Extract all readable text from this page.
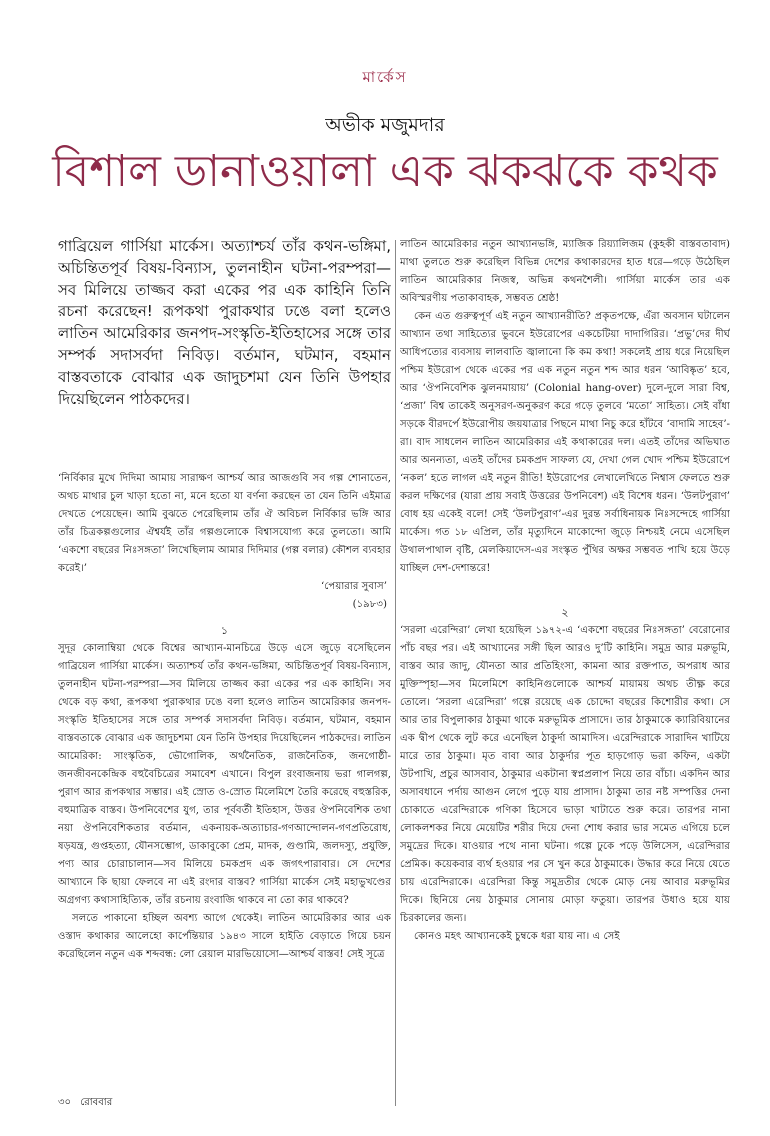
মার্কেস
অভীক মজুমদার
বিশাল ডানাওয়ালা এক ঝকঝকে কথক

গাব্রিয়েল গার্সিয়া মার্কেস। অত্যাশ্চর্য তাঁর কথন-ভঙ্গিমা, অচিন্তিতপূর্ব বিষয়-বিন্যাস, তুলনাহীন ঘটনা-পরম্পরা—সব মিলিয়ে তাজ্জব করা একের পর এক কাহিনি তিনি রচনা করেছেন! রূপকথা পুরাকথার ঢঙে বলা হলেও লাতিন আমেরিকার জনপদ-সংস্কৃতি-ইতিহাসের সঙ্গে তার সম্পর্ক সদাসর্বদা নিবিড়। বর্তমান, ঘটমান, বহমান বাস্তবতাকে বোঝার এক জাদুচশমা যেন তিনি উপহার দিয়েছিলেন পাঠকদের।

‘নির্বিকার মুখে দিদিমা আমায় সারাক্ষণ আশ্চর্য আর আজগুবি সব গল্প শোনাতেন, অথচ মাথার চুল খাড়া হতো না, মনে হতো যা বর্ণনা করছেন তা যেন তিনি এইমাত্র দেখতে পেয়েছেন। আমি বুঝতে পেরেছিলাম তাঁর ঐ অবিচল নির্বিকার ভঙ্গি আর তাঁর চিত্রকল্পগুলোর ঐশ্বর্যই তাঁর গল্পগুলোকে বিশ্বাসযোগ্য করে তুলতো। আমি ‘একশো বছরের নিঃসঙ্গতা’ লিখেছিলাম আমার দিদিমার (গল্প বলার) কৌশল ব্যবহার করেই।’

‘পেয়ারার সুবাস’
(১৯৮৩)
১

সুদূর কোলাম্বিয়া থেকে বিশ্বের আখ্যান-মানচিত্রে উড়ে এসে জুড়ে বসেছিলেন গাব্রিয়েল গার্সিয়া মার্কেস। অত্যাশ্চর্য তাঁর কথন-ভঙ্গিমা, অচিন্তিতপূর্ব বিষয়-বিন্যাস, তুলনাহীন ঘটনা-পরম্পরা—সব মিলিয়ে তাজ্জব করা একের পর এক কাহিনি। সব থেকে বড় কথা, রূপকথা পুরাকথার ঢঙে বলা হলেও লাতিন আমেরিকার জনপদ-সংস্কৃতি ইতিহাসের সঙ্গে তার সম্পর্ক সদাসর্বদা নিবিড়। বর্তমান, ঘটমান, বহমান বাস্তবতাকে বোঝার এক জাদুচশমা যেন তিনি উপহার দিয়েছিলেন পাঠকদের। লাতিন আমেরিকা: সাংস্কৃতিক, ভৌগোলিক, অর্থনৈতিক, রাজনৈতিক, জনগোষ্ঠী-জনজীবনকেন্দ্রিক বহুবৈচিত্রের সমাবেশ এখানে। বিপুল রংবাজনায় ভরা গালগল্প, পুরাণ আর রূপকথার সম্ভার। এই স্রোত ও-স্রোত মিলেমিশে তৈরি করেছে বহুস্তরিক, বহুমাত্রিক বাস্তব। উপনিবেশের যুগ, তার পূর্ববর্তী ইতিহাস, উত্তর ঔপনিবেশিক তথা নয়া ঔপনিবেশিকতার বর্তমান, একনায়ক-অত্যাচার-গণআন্দোলন-গণপ্রতিরোধ, ষড়যন্ত্র, গুপ্তহত্যা, যৌনসম্ভোগ, ডাকাবুকো প্রেম, মাদক, গুণ্ডামি, জলদস্যু, প্রযুক্তি, পণ্য আর চোরাচালান—সব মিলিয়ে চমকপ্রদ এক জগৎপারাবার। সে দেশের আখ্যানে কি ছায়া ফেলবে না এই রংদার বাস্তব? গার্সিয়া মার্কেস সেই মহাভুখণ্ডের অগ্রগণ্য কথাসাহিত্যিক, তাঁর রচনায় রংবাজি থাকবে না তো কার থাকবে?

সলতে পাকানো হচ্ছিল অবশ্য আগে থেকেই। লাতিন আমেরিকার আর এক ওস্তাদ কথাকার আলেহো কার্পেন্তিয়ার ১৯৪৩ সালে হাইতি বেড়াতে গিয়ে চয়ন করেছিলেন নতুন এক শব্দবন্ধ: লো রেয়াল মারভিয়োসো—আশ্চর্য বাস্তব! সেই সূত্রে

লাতিন আমেরিকার নতুন আখ্যানভঙ্গি, ম্যাজিক রিয়্যালিজম (কুহকী বাস্তবতাবাদ) মাথা তুলতে শুরু করেছিল বিভিন্ন দেশের কথাকারদের হাত ধরে—গড়ে উঠেছিল লাতিন আমেরিকার নিজস্ব, অভিন্ন কথনশৈলী। গার্সিয়া মার্কেস তার এক অবিস্মরণীয় পতাকাবাহক, সম্ভবত শ্রেষ্ঠ!

কেন এত গুরুত্বপূর্ণ এই নতুন আখ্যানরীতি? প্রকৃতপক্ষে, এঁরা অবসান ঘটালেন আখ্যান তথা সাহিত্যের ভুবনে ইউরোপের একচেটিয়া দাদাগিরির। ‘প্রভু’দের দীর্ঘ আধিপত্যের ব্যবসায় লালবাতি জ্বালানো কি কম কথা! সকলেই প্রায় ধরে নিয়েছিল পশ্চিম ইউরোপ থেকে একের পর এক নতুন নতুন শব্দ আর ধরন ‘আবিষ্কৃত’ হবে, আর ‘ঔপনিবেশিক ঝুলনমায়ায়’ (Colonial hang-over) দুলে-দুলে সারা বিশ্ব, ‘প্রজা’ বিশ্ব তাকেই অনুসরণ-অনুকরণ করে গড়ে তুলবে ‘মতো’ সাহিত্য। সেই বাঁধা সড়কে বীরদর্পে ইউরোপীয় জয়যাত্রার পিছনে মাথা নিচু করে হাঁটবে ‘বাদামি সাহেব’-রা। বাদ সাধলেন লাতিন আমেরিকার এই কথাকারের দল। এতই তাঁদের অভিঘাত আর অনন্যতা, এতই তাঁদের চমকপ্রদ সাফল্য যে, দেখা গেল খোদ পশ্চিম ইউরোপে ‘নকল’ হতে লাগল এই নতুন রীতি! ইউরোপের লেখালেখিতে নিশ্বাস ফেলতে শুরু করল দক্ষিণের (যারা প্রায় সবাই উত্তরের উপনিবেশ) এই বিশেষ ধরন। ‘উলটপুরাণ’ বোধ হয় একেই বলে! সেই ‘উলটপুরাণ’-এর দুরন্ত সর্বাধিনায়ক নিঃসন্দেহে গার্সিয়া মার্কেস। গত ১৮ এপ্রিল, তাঁর মৃত্যুদিনে মাকোন্দো জুড়ে নিশ্চয়ই নেমে এসেছিল উথালপাথাল বৃষ্টি, মেলকিয়াদেস-এর সংস্কৃত পুঁথির অক্ষর সম্ভবত পাখি হয়ে উড়ে যাচ্ছিল দেশ-দেশান্তরে!

২

‘সরলা এরেন্দিরা’ লেখা হয়েছিল ১৯৭২-এ ‘একশো বছরের নিঃসঙ্গতা’ বেরোনোর পাঁচ বছর পর। এই আখ্যানের সঙ্গী ছিল আরও দু’টি কাহিনি। সমুদ্র আর মরুভূমি, বাস্তব আর জাদু, যৌনতা আর প্রতিহিংসা, কামনা আর রক্তপাত, অপরাধ আর মুক্তিস্পৃহা—সব মিলেমিশে কাহিনিগুলোকে আশ্চর্য মায়াময় অথচ তীক্ষ্ণ করে তোলে। ‘সরলা এরেন্দিরা’ গল্পে রয়েছে এক চোদ্দো বছরের কিশোরীর কথা। সে আর তার বিপুলাকার ঠাকুমা থাকে মরুভূমিক প্রাসাদে। তার ঠাকুমাকে ক্যারিবিয়ানের এক দ্বীপ থেকে লুট করে এনেছিল ঠাকুর্দা আমাদিস। এরেন্দিরাকে সারাদিন খাটিয়ে মারে তার ঠাকুমা। মৃত বাবা আর ঠাকুর্দার পূত হাড়গোড় ভরা কফিন, একটা উটপাখি, প্রচুর আসবাব, ঠাকুমার একটানা স্বপ্নপ্রলাপ নিয়ে তার বাঁচা। একদিন আর অসাবধানে পর্দায় আগুন লেগে পুড়ে যায় প্রাসাদ। ঠাকুমা তার নষ্ট সম্পত্তির দেনা চোকাতে এরেন্দিরাকে গণিকা হিসেবে ভাড়া খাটাতে শুরু করে। তারপর নানা লোকলশকর নিয়ে মেয়েটির শরীর দিয়ে দেনা শোধ করার ভার সমেত এগিয়ে চলে সমুদ্রের দিকে। যাওয়ার পথে নানা ঘটনা। গল্পে ঢুকে পড়ে উলিসেস, এরেন্দিরার প্রেমিক। কয়েকবার ব্যর্থ হওয়ার পর সে খুন করে ঠাকুমাকে। উদ্ধার করে নিয়ে যেতে চায় এরেন্দিরাকে। এরেন্দিরা কিন্তু সমুদ্রতীর থেকে মোড় নেয় আবার মরুভূমির দিকে। ছিনিয়ে নেয় ঠাকুমার সোনায় মোড়া ফতুয়া। তারপর উধাও হয়ে যায় চিরকালের জন্য।

কোনও মহৎ আখ্যানকেই চুম্বকে ধরা যায় না। এ সেই

৩০ রোববার
